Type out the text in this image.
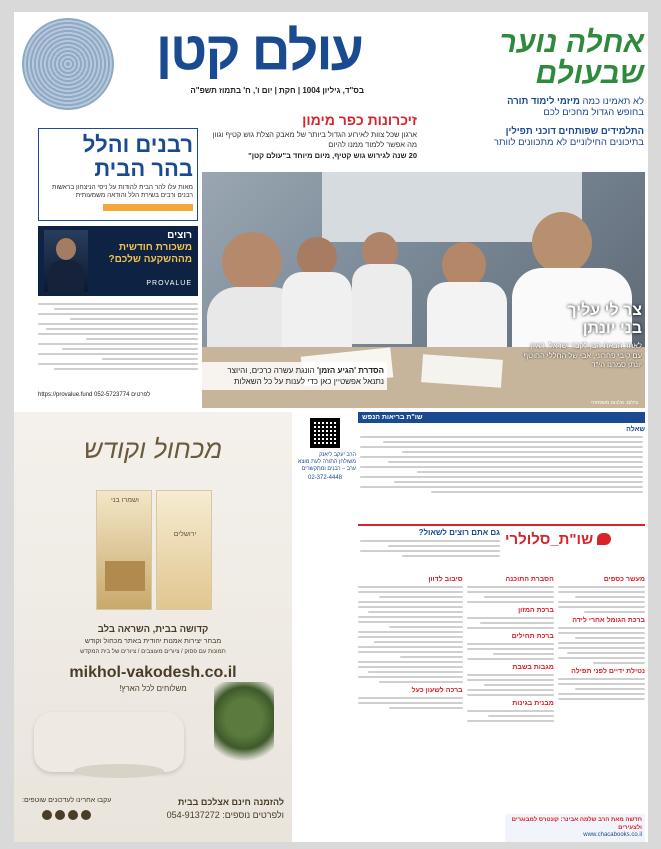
עולם קטן
בס"ד, גיליון 1004 | חקת | יום ו', ח' בתמוז תשפ"ה
אחלה נוער
שבעולם
לא תאמינו כמה מיזמי לימוד תורה
בחופש הגדול מחכים לכם
התלמידים שפותחים דוכני תפילין
בתיכונים החילוניים לא מתכוונים לוותר
זיכרונות כפר מימון
ארגון שכל צוות לאירוע הגדול ביותר של מאבק הצלת גוש קטיף וגוון מה אפשר ללמוד ממנו להיום
20 שנה לגירוש גוש קטיף, מיום מיוחד ב"עולם קטן"
רבנים והלל
בהר הבית
מאות עלו להר הבית להודות על ניסי הניצחון בראשות רבנים ורבים בשירת הלל והודאה משמעותית
רוצים
משכורת חודשית
מההשקעה שלכם?
PROVALUE
https://provalue.fund 052-5723774 לפרטים
צר לי עליך
בני יונתן
לאחר הבאת הבן לקבר ישראל, ראיון עם קובי פחרוני, אבי של החללי החוטף יונתן סמרנו הי"ד
הסדרת 'הגיע הזמן' הונגת עשרה כרכים, והיוצר נתנאל אפשטיין כאן כדי לענות על כל השאלות
צילום: אלבום משפחתי
שו"ת בריאות הנפש
שאלה
הרב יעקב ליאנק
משולחן התורה לעת מוצא ערב – רבנים ומתקשרים
02-372-4448
שו"ת_סלולרי
גם אתם רוצים לשאול?
מעשר כספים
ברכת הגומל אחרי לידה
נטילת ידיים לפני תפילה
הסברת התוכנה
ברכת המזון
ברכת תחילים
מגבות בשבת
מבנית בגינות
סיבוב לדוון
ברכה לשעון כעל
חדשה מאת הרב שלמה אבינר: קונטרס למבוגרים ולצעירים
www.chacabooks.co.il
מכחול וקודש
ושמרו בני
ירושלים
קדושה בבית, השראה בלב
מבחר יצירות אמנות יהודית באתר מכחול וקודש
תמונות עם פסוק / ציורים מעוצבים / ציורים של בית המקדש
mikhol-vakodesh.co.il
משלוחים לכל הארץ!
להזמנה חינם אצלכם בבית
ולפרטים נוספים: 054-9137272
עקבו אחרינו לעדכונים שוטפים:
